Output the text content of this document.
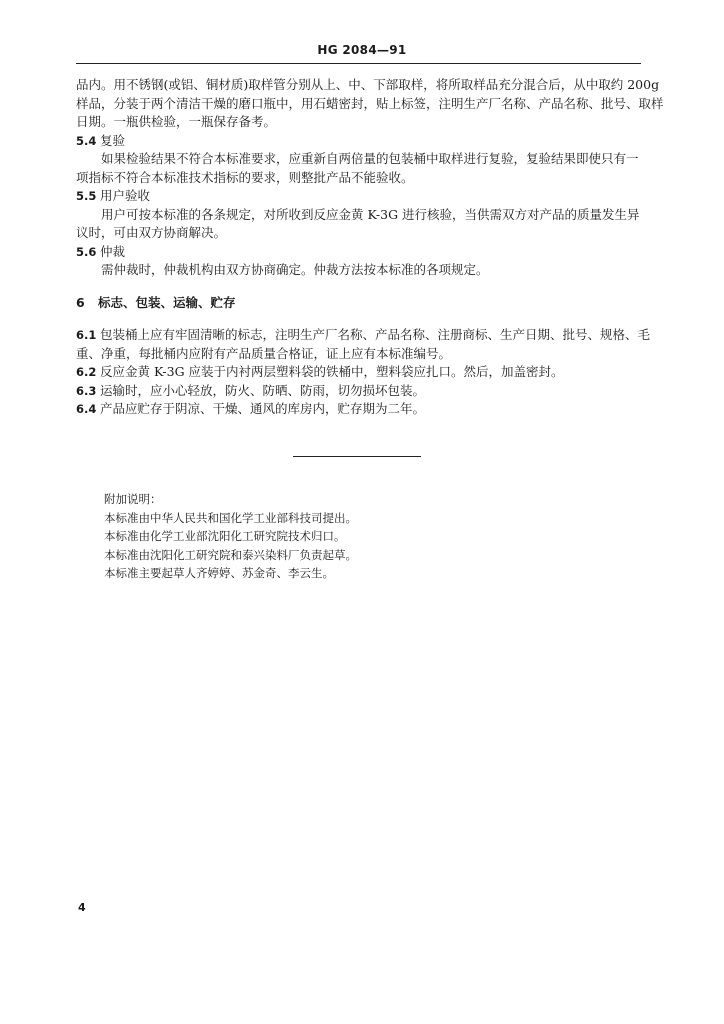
HG 2084—91

品内。用不锈钢(或铝、铜材质)取样管分别从上、中、下部取样，将所取样品充分混合后，从中取约 200g

样品，分装于两个清洁干燥的磨口瓶中，用石蜡密封，贴上标签，注明生产厂名称、产品名称、批号、取样

日期。一瓶供检验，一瓶保存备考。

5.4 复验

如果检验结果不符合本标准要求，应重新自两倍量的包装桶中取样进行复验，复验结果即使只有一

项指标不符合本标准技术指标的要求，则整批产品不能验收。

5.5 用户验收

用户可按本标准的各条规定，对所收到反应金黄 K-3G 进行核验，当供需双方对产品的质量发生异

议时，可由双方协商解决。

5.6 仲裁

需仲裁时，仲裁机构由双方协商确定。仲裁方法按本标准的各项规定。

6 标志、包装、运输、贮存

6.1 包装桶上应有牢固清晰的标志，注明生产厂名称、产品名称、注册商标、生产日期、批号、规格、毛

重、净重，每批桶内应附有产品质量合格证，证上应有本标准编号。

6.2 反应金黄 K-3G 应装于内衬两层塑料袋的铁桶中，塑料袋应扎口。然后，加盖密封。

6.3 运输时，应小心轻放，防火、防晒、防雨，切勿损坏包装。

6.4 产品应贮存于阴凉、干燥、通风的库房内，贮存期为二年。

附加说明：

本标准由中华人民共和国化学工业部科技司提出。

本标准由化学工业部沈阳化工研究院技术归口。

本标准由沈阳化工研究院和泰兴染料厂负责起草。

本标准主要起草人齐婷婷、苏金奇、李云生。

4
